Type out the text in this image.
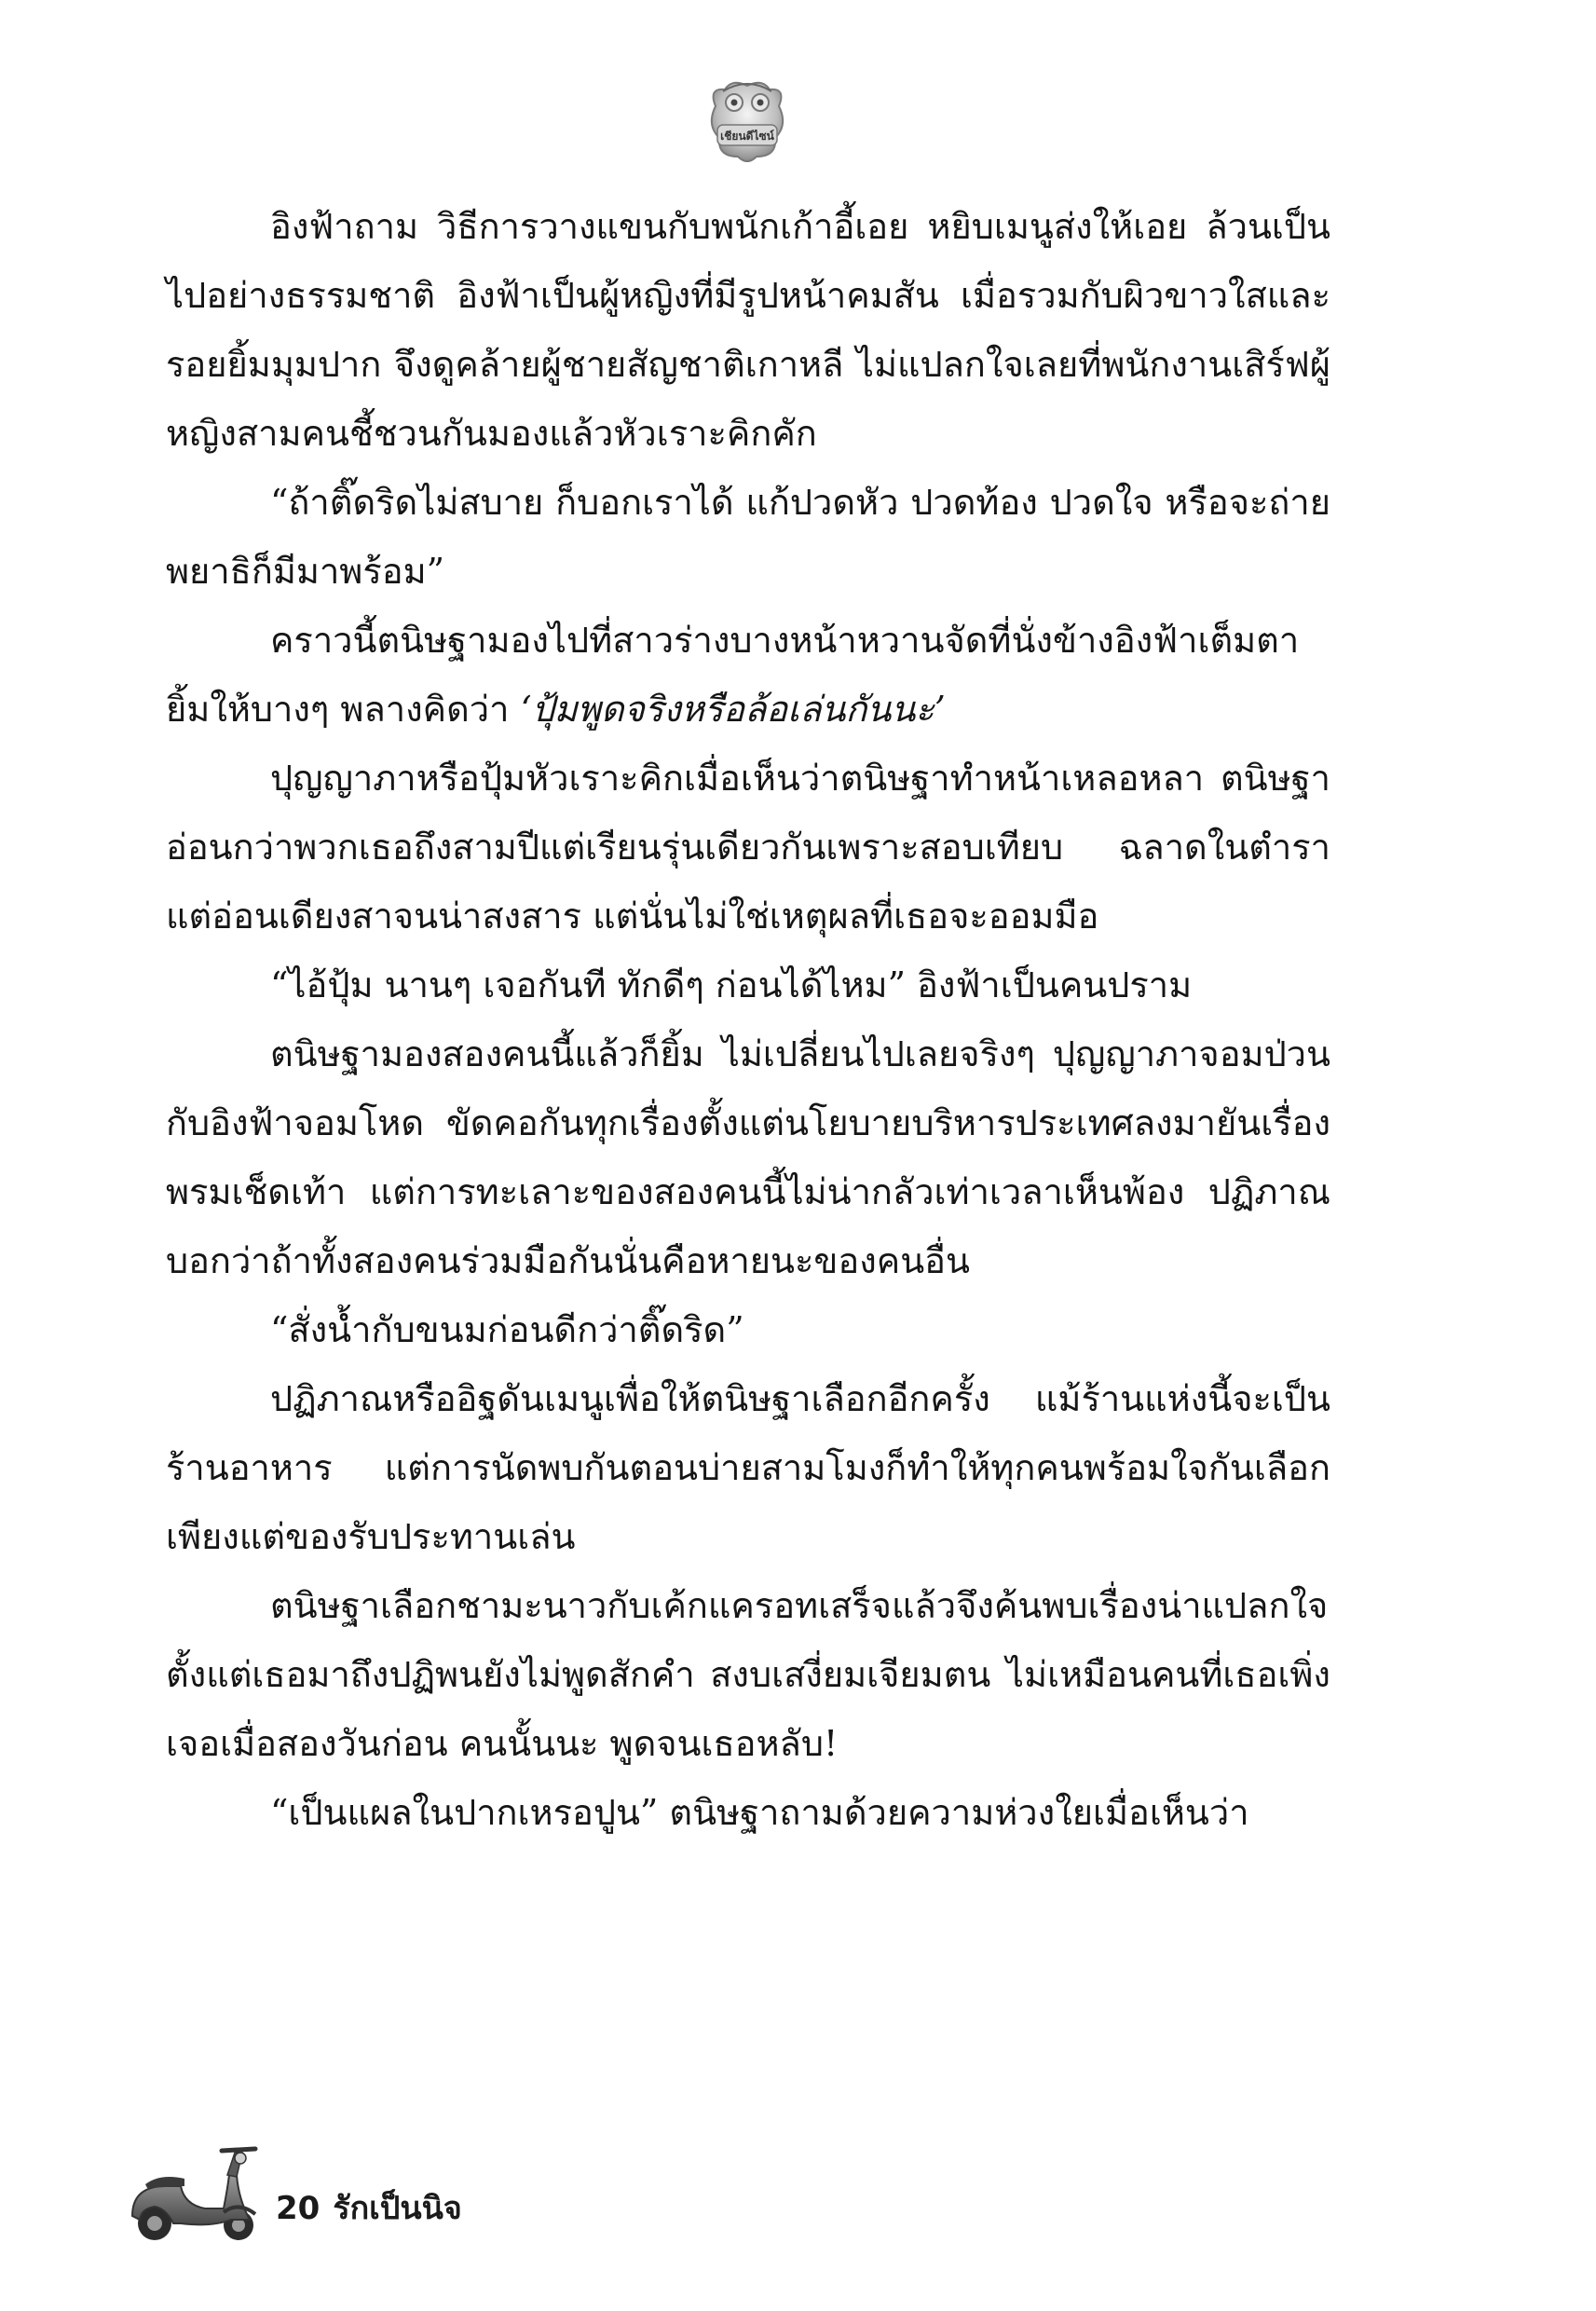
เชียนดีไซน์

อิงฟ้าถาม วิธีการวางแขนกับพนักเก้าอี้เอย หยิบเมนูส่งให้เอย ล้วนเป็นไปอย่างธรรมชาติ อิงฟ้าเป็นผู้หญิงที่มีรูปหน้าคมสัน เมื่อรวมกับผิวขาวใสและรอยยิ้มมุมปาก จึงดูคล้ายผู้ชายสัญชาติเกาหลี ไม่แปลกใจเลยที่พนักงานเสิร์ฟผู้หญิงสามคนชี้ชวนกันมองแล้วหัวเราะคิกคัก

“ถ้าติ๊ดริดไม่สบาย ก็บอกเราได้ แก้ปวดหัว ปวดท้อง ปวดใจ หรือจะถ่ายพยาธิก็มีมาพร้อม”

คราวนี้ตนิษฐามองไปที่สาวร่างบางหน้าหวานจัดที่นั่งข้างอิงฟ้าเต็มตา ยิ้มให้บางๆ พลางคิดว่า ‘ปุ้มพูดจริงหรือล้อเล่นกันนะ’

ปุญญาภาหรือปุ้มหัวเราะคิกเมื่อเห็นว่าตนิษฐาทำหน้าเหลอหลา ตนิษฐาอ่อนกว่าพวกเธอถึงสามปีแต่เรียนรุ่นเดียวกันเพราะสอบเทียบ ฉลาดในตำรา แต่อ่อนเดียงสาจนน่าสงสาร แต่นั่นไม่ใช่เหตุผลที่เธอจะออมมือ

“ไอ้ปุ้ม นานๆ เจอกันที ทักดีๆ ก่อนได้ไหม” อิงฟ้าเป็นคนปราม

ตนิษฐามองสองคนนี้แล้วก็ยิ้ม ไม่เปลี่ยนไปเลยจริงๆ ปุญญาภาจอมป่วนกับอิงฟ้าจอมโหด ขัดคอกันทุกเรื่องตั้งแต่นโยบายบริหารประเทศลงมายันเรื่องพรมเช็ดเท้า แต่การทะเลาะของสองคนนี้ไม่น่ากลัวเท่าเวลาเห็นพ้อง ปฏิภาณบอกว่าถ้าทั้งสองคนร่วมมือกันนั่นคือหายนะของคนอื่น

“สั่งน้ำกับขนมก่อนดีกว่าติ๊ดริด”

ปฏิภาณหรืออิฐดันเมนูเพื่อให้ตนิษฐาเลือกอีกครั้ง แม้ร้านแห่งนี้จะเป็นร้านอาหาร แต่การนัดพบกันตอนบ่ายสามโมงก็ทำให้ทุกคนพร้อมใจกันเลือกเพียงแต่ของรับประทานเล่น

ตนิษฐาเลือกชามะนาวกับเค้กแครอทเสร็จแล้วจึงค้นพบเรื่องน่าแปลกใจ ตั้งแต่เธอมาถึงปฏิพนยังไม่พูดสักคำ สงบเสงี่ยมเจียมตน ไม่เหมือนคนที่เธอเพิ่งเจอเมื่อสองวันก่อน คนนั้นนะ พูดจนเธอหลับ!

“เป็นแผลในปากเหรอปูน” ตนิษฐาถามด้วยความห่วงใยเมื่อเห็นว่า

20 รักเป็นนิจ
